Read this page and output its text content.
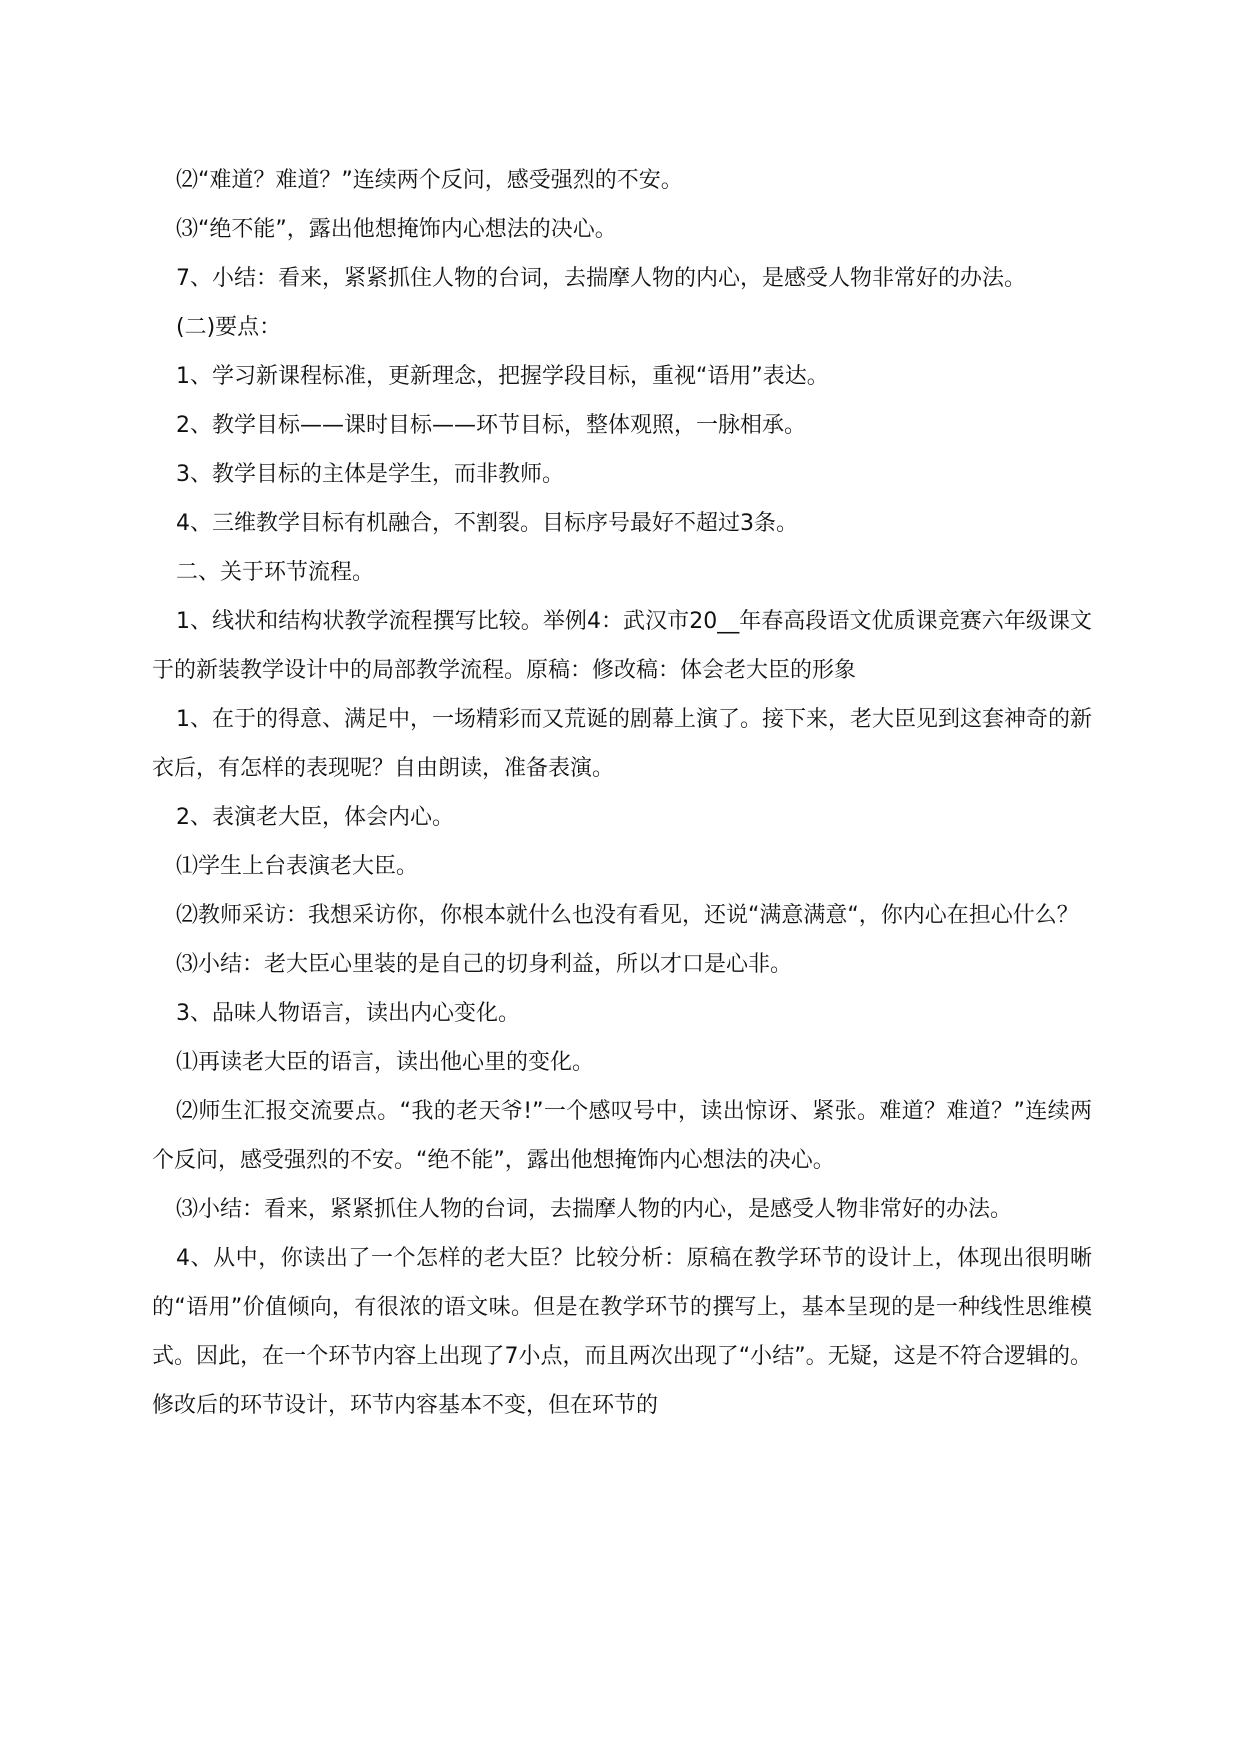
⑵“难道？难道？”连续两个反问，感受强烈的不安。

⑶“绝不能”，露出他想掩饰内心想法的决心。

7、小结：看来，紧紧抓住人物的台词，去揣摩人物的内心，是感受人物非常好的办法。

(二)要点：

1、学习新课程标准，更新理念，把握学段目标，重视“语用”表达。

2、教学目标——课时目标——环节目标，整体观照，一脉相承。

3、教学目标的主体是学生，而非教师。

4、三维教学目标有机融合，不割裂。目标序号最好不超过3条。

二、关于环节流程。

1、线状和结构状教学流程撰写比较。举例4：武汉市20__年春高段语文优质课竞赛六年级课文于的新装教学设计中的局部教学流程。原稿：修改稿：体会老大臣的形象

1、在于的得意、满足中，一场精彩而又荒诞的剧幕上演了。接下来，老大臣见到这套神奇的新衣后，有怎样的表现呢？自由朗读，准备表演。

2、表演老大臣，体会内心。

⑴学生上台表演老大臣。

⑵教师采访：我想采访你，你根本就什么也没有看见，还说“满意满意“，你内心在担心什么？

⑶小结：老大臣心里装的是自己的切身利益，所以才口是心非。

3、品味人物语言，读出内心变化。

⑴再读老大臣的语言，读出他心里的变化。

⑵师生汇报交流要点。“我的老天爷!”一个感叹号中，读出惊讶、紧张。难道？难道？”连续两个反问，感受强烈的不安。“绝不能”，露出他想掩饰内心想法的决心。

⑶小结：看来，紧紧抓住人物的台词，去揣摩人物的内心，是感受人物非常好的办法。

4、从中，你读出了一个怎样的老大臣？比较分析：原稿在教学环节的设计上，体现出很明晰的“语用”价值倾向，有很浓的语文味。但是在教学环节的撰写上，基本呈现的是一种线性思维模式。因此，在一个环节内容上出现了7小点，而且两次出现了“小结”。无疑，这是不符合逻辑的。修改后的环节设计，环节内容基本不变，但在环节的
